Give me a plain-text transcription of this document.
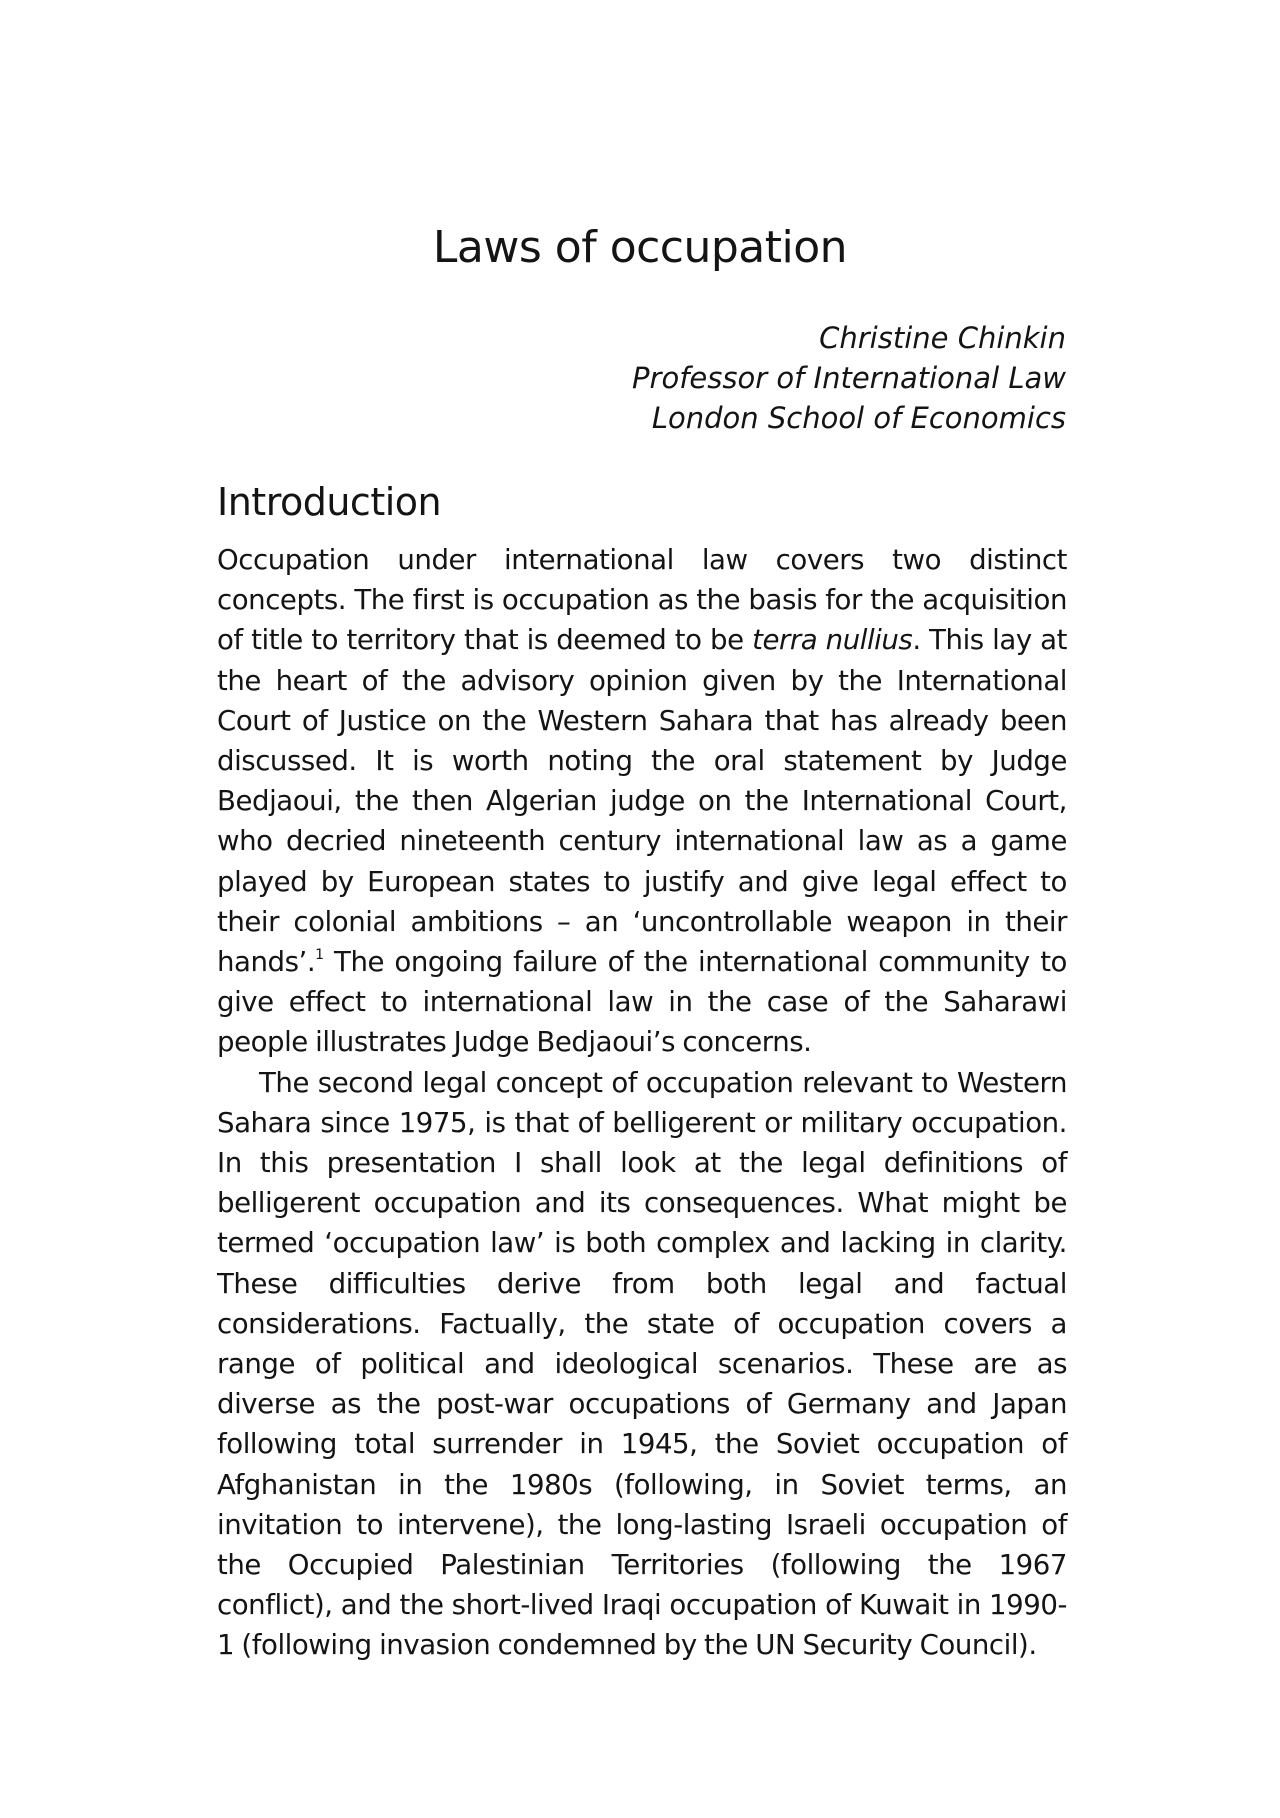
Laws of occupation
Christine Chinkin
Professor of International Law
London School of Economics
Introduction

Occupation under international law covers two distinct concepts. The first is occupation as the basis for the acquisition of title to territory that is deemed to be terra nullius. This lay at the heart of the advisory opinion given by the International Court of Justice on the Western Sahara that has already been discussed. It is worth noting the oral statement by Judge Bedjaoui, the then Algerian judge on the International Court, who decried nineteenth century international law as a game played by European states to justify and give legal effect to their colonial ambitions – an ‘uncontrollable weapon in their hands’.$^1$ The ongoing failure of the international community to give effect to international law in the case of the Saharawi people illustrates Judge Bedjaoui’s concerns.

The second legal concept of occupation relevant to Western Sahara since 1975, is that of belligerent or military occupation. In this presentation I shall look at the legal definitions of belligerent occupation and its consequences. What might be termed ‘occupation law’ is both complex and lacking in clarity. These difficulties derive from both legal and factual considerations. Factually, the state of occupation covers a range of political and ideological scenarios. These are as diverse as the post-war occupations of Germany and Japan following total surrender in 1945, the Soviet occupation of Afghanistan in the 1980s (following, in Soviet terms, an invitation to intervene), the long-lasting Israeli occupation of the Occupied Palestinian Territories (following the 1967 conflict), and the short-lived Iraqi occupation of Kuwait in 1990-1 (following invasion condemned by the UN Security Council).
